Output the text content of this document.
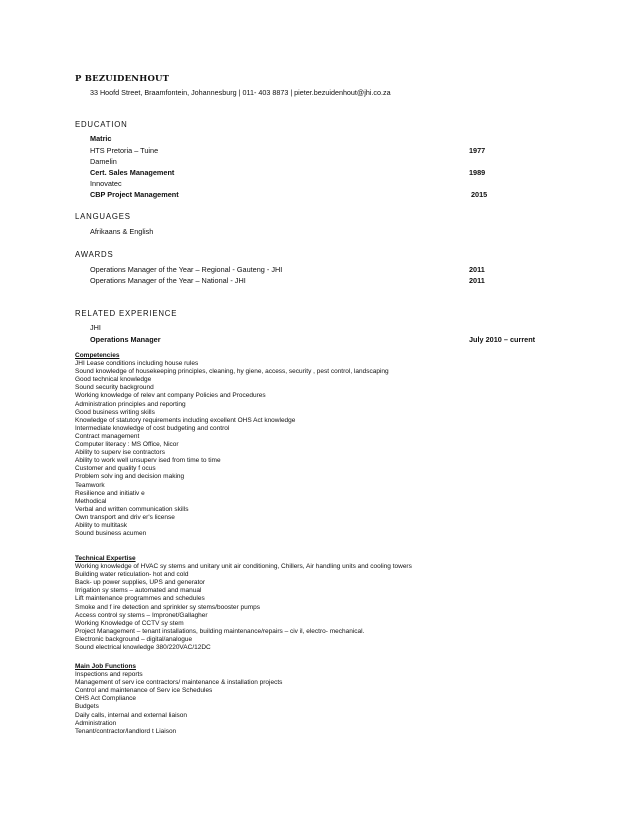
P BEZUIDENHOUT
33 Hoofd Street, Braamfontein, Johannesburg | 011- 403 8873 | pieter.bezuidenhout@jhi.co.za
EDUCATION
Matric
HTS Pretoria – Tuine	1977
Damelin
Cert. Sales Management	1989
Innovatec
CBP Project Management	2015
LANGUAGES
Afrikaans & English
AWARDS
Operations Manager of the Year – Regional - Gauteng - JHI	2011
Operations Manager of the Year – National - JHI	2011
RELATED EXPERIENCE
JHI
Operations Manager	July 2010 – current
Competencies
JHI Lease conditions including house rules
Sound knowledge of housekeeping principles, cleaning, hy giene, access, security , pest control, landscaping
Good technical knowledge
Sound security background
Working knowledge of relev ant company Policies and Procedures
Administration principles and reporting
Good business writing skills
Knowledge of statutory requirements including excellent OHS Act knowledge
Intermediate knowledge of cost budgeting and control
Contract management
Computer literacy : MS Office, Nicor
Ability to superv ise contractors
Ability to work well unsuperv ised from time to time
Customer and quality f ocus
Problem solv ing and decision making
Teamwork
Resilience and initiativ e
Methodical
Verbal and written communication skills
Own transport and driv er's license
Ability to multitask
Sound business acumen
Technical Expertise
Working knowledge of HVAC sy stems and unitary unit air conditioning, Chillers, Air handling units and cooling towers
Building water reticulation- hot and cold
Back- up power supplies, UPS and generator
Irrigation sy stems – automated and manual
Lift maintenance programmes and schedules
Smoke and f ire detection and sprinkler sy stems/booster pumps
Access control sy stems – Impronet/Gallagher
Working Knowledge of CCTV sy stem
Project Management – tenant installations, building maintenance/repairs – civ il, electro- mechanical.
Electronic background – digital/analogue
Sound electrical knowledge 380/220VAC/12DC
Main Job Functions
Inspections and reports
Management of serv ice contractors/ maintenance & installation projects
Control and maintenance of Serv ice Schedules
OHS Act Compliance
Budgets
Daily calls, internal and external liaison
Administration
Tenant/contractor/landlord t Liaison
